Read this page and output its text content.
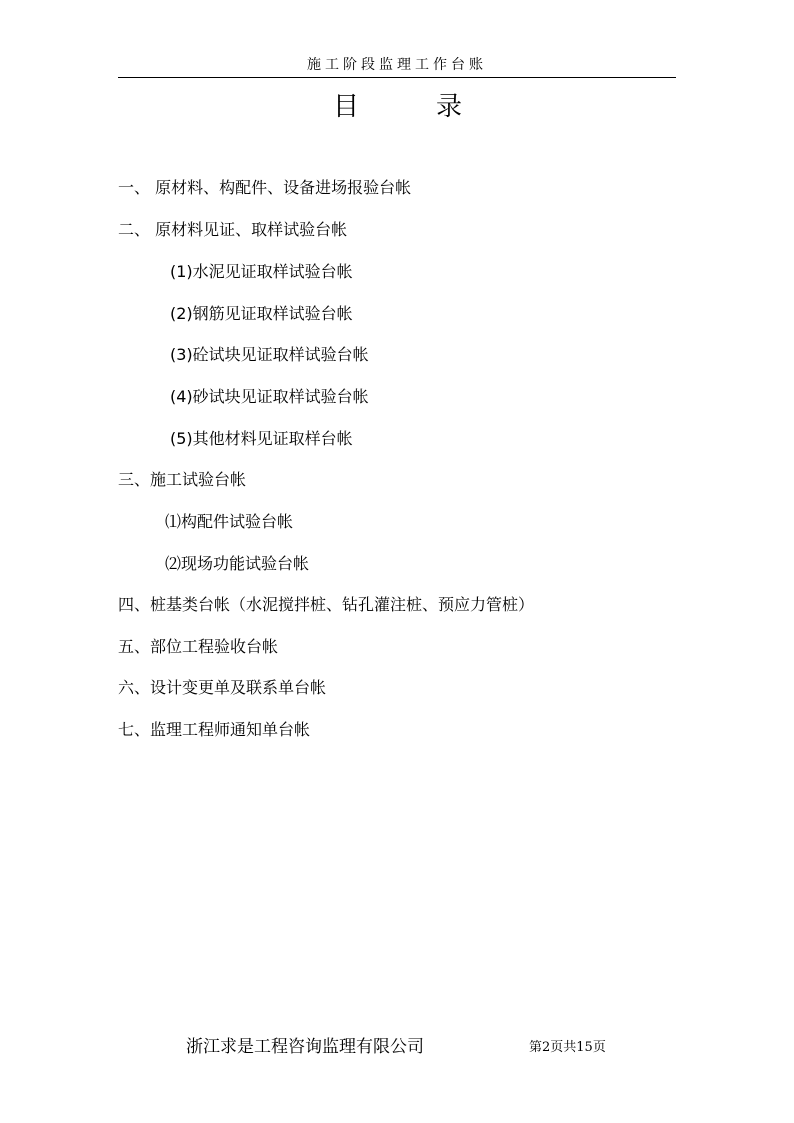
施工阶段监理工作台账
目	录
一、 原材料、构配件、设备进场报验台帐
二、 原材料见证、取样试验台帐
(1)水泥见证取样试验台帐
(2)钢筋见证取样试验台帐
(3)砼试块见证取样试验台帐
(4)砂试块见证取样试验台帐
(5)其他材料见证取样台帐
三、施工试验台帐
⑴构配件试验台帐
⑵现场功能试验台帐
四、桩基类台帐（水泥搅拌桩、钻孔灌注桩、预应力管桩）
五、部位工程验收台帐
六、设计变更单及联系单台帐
七、监理工程师通知单台帐
浙江求是工程咨询监理有限公司	第2页共15页
